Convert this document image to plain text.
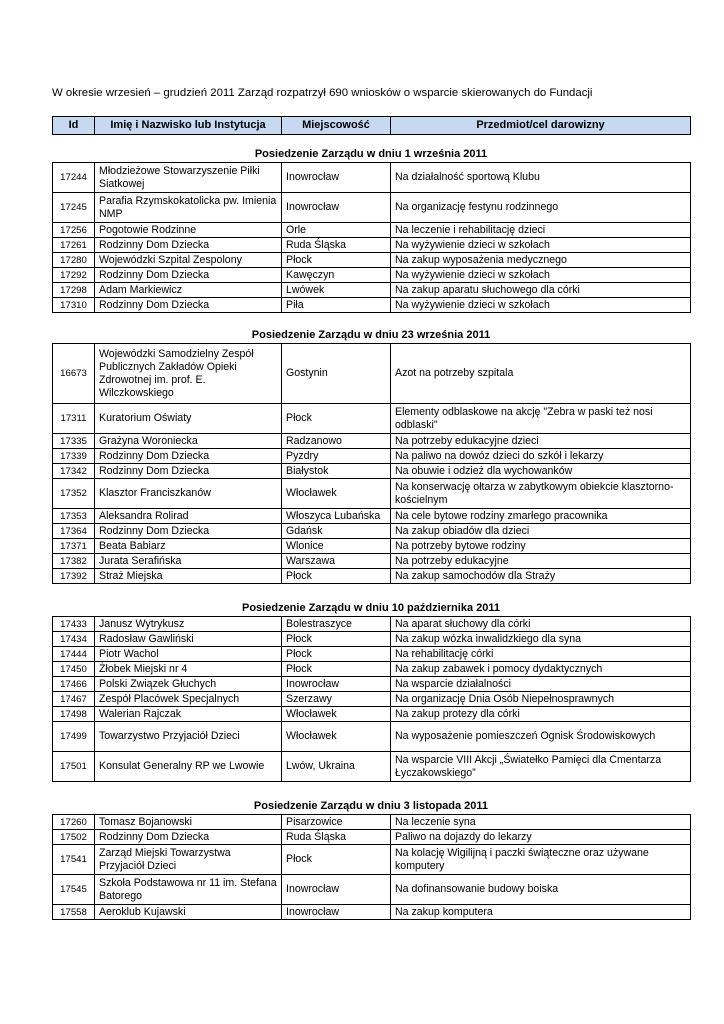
W okresie wrzesień – grudzień 2011 Zarząd rozpatrzył 690 wniosków o wsparcie skierowanych do Fundacji
Id	Imię i Nazwisko lub Instytucja	Miejscowość	Przedmiot/cel darowizny
Posiedzenie Zarządu w dniu 1 września 2011
17244	Młodzieżowe Stowarzyszenie Piłki Siatkowej	Inowrocław	Na działalność sportową Klubu
17245	Parafia Rzymskokatolicka pw. Imienia NMP	Inowrocław	Na organizację festynu rodzinnego
17256	Pogotowie Rodzinne	Orle	Na leczenie i rehabilitację dzieci
17261	Rodzinny Dom Dziecka	Ruda Śląska	Na wyżywienie dzieci w szkołach
17280	Wojewódzki Szpital Zespolony	Płock	Na zakup wyposażenia medycznego
17292	Rodzinny Dom Dziecka	Kawęczyn	Na wyżywienie dzieci w szkołach
17298	Adam Markiewicz	Lwówek	Na zakup aparatu słuchowego dla córki
17310	Rodzinny Dom Dziecka	Piła	Na wyżywienie dzieci w szkołach
Posiedzenie Zarządu w dniu 23 września 2011
16673	Wojewódzki Samodzielny Zespół Publicznych Zakładów Opieki Zdrowotnej im. prof. E. Wilczkowskiego	Gostynin	Azot na potrzeby szpitala
17311	Kuratorium Oświaty	Płock	Elementy odblaskowe na akcję "Zebra w paski też nosi odblaski"
17335	Grażyna Woroniecka	Radzanowo	Na potrzeby edukacyjne dzieci
17339	Rodzinny Dom Dziecka	Pyzdry	Na paliwo na dowóz dzieci do szkół i lekarzy
17342	Rodzinny Dom Dziecka	Białystok	Na obuwie i odzież dla wychowanków
17352	Klasztor Franciszkanów	Włocławek	Na konserwację ołtarza w zabytkowym obiekcie klasztorno-kościelnym
17353	Aleksandra Rolirad	Włoszyca Lubańska	Na cele bytowe rodziny zmarłego pracownika
17364	Rodzinny Dom Dziecka	Gdańsk	Na zakup obiadów dla dzieci
17371	Beata Babiarz	Wlonice	Na potrzeby bytowe rodziny
17382	Jurata Serafińska	Warszawa	Na potrzeby edukacyjne
17392	Straż Miejska	Płock	Na zakup samochodów dla Straży
Posiedzenie Zarządu w dniu 10 października 2011
17433	Janusz Wytrykusz	Bolestraszyce	Na aparat słuchowy dla córki
17434	Radosław Gawliński	Płock	Na zakup wózka inwalidzkiego dla syna
17444	Piotr Wachol	Płock	Na rehabilitację córki
17450	Żłobek Miejski nr 4	Płock	Na zakup zabawek i pomocy dydaktycznych
17466	Polski Związek Głuchych	Inowrocław	Na wsparcie działalności
17467	Zespół Placówek Specjalnych	Szerzawy	Na organizację Dnia Osób Niepełnosprawnych
17498	Walerian Rajczak	Włocławek	Na zakup protezy dla córki
17499	Towarzystwo Przyjaciół Dzieci	Włocławek	Na wyposażenie pomieszczeń Ognisk Środowiskowych
17501	Konsulat Generalny RP we Lwowie	Lwów, Ukraina	Na wsparcie VIII Akcji „Światełko Pamięci dla Cmentarza Łyczakowskiego”
Posiedzenie Zarządu w dniu 3 listopada 2011
17260	Tomasz Bojanowski	Pisarzowice	Na leczenie syna
17502	Rodzinny Dom Dziecka	Ruda Śląska	Paliwo na dojazdy do lekarzy
17541	Zarząd Miejski Towarzystwa Przyjaciół Dzieci	Płock	Na kolację Wigilijną i paczki świąteczne oraz używane komputery
17545	Szkoła Podstawowa nr 11 im. Stefana Batorego	Inowrocław	Na dofinansowanie budowy boiska
17558	Aeroklub Kujawski	Inowrocław	Na zakup komputera
